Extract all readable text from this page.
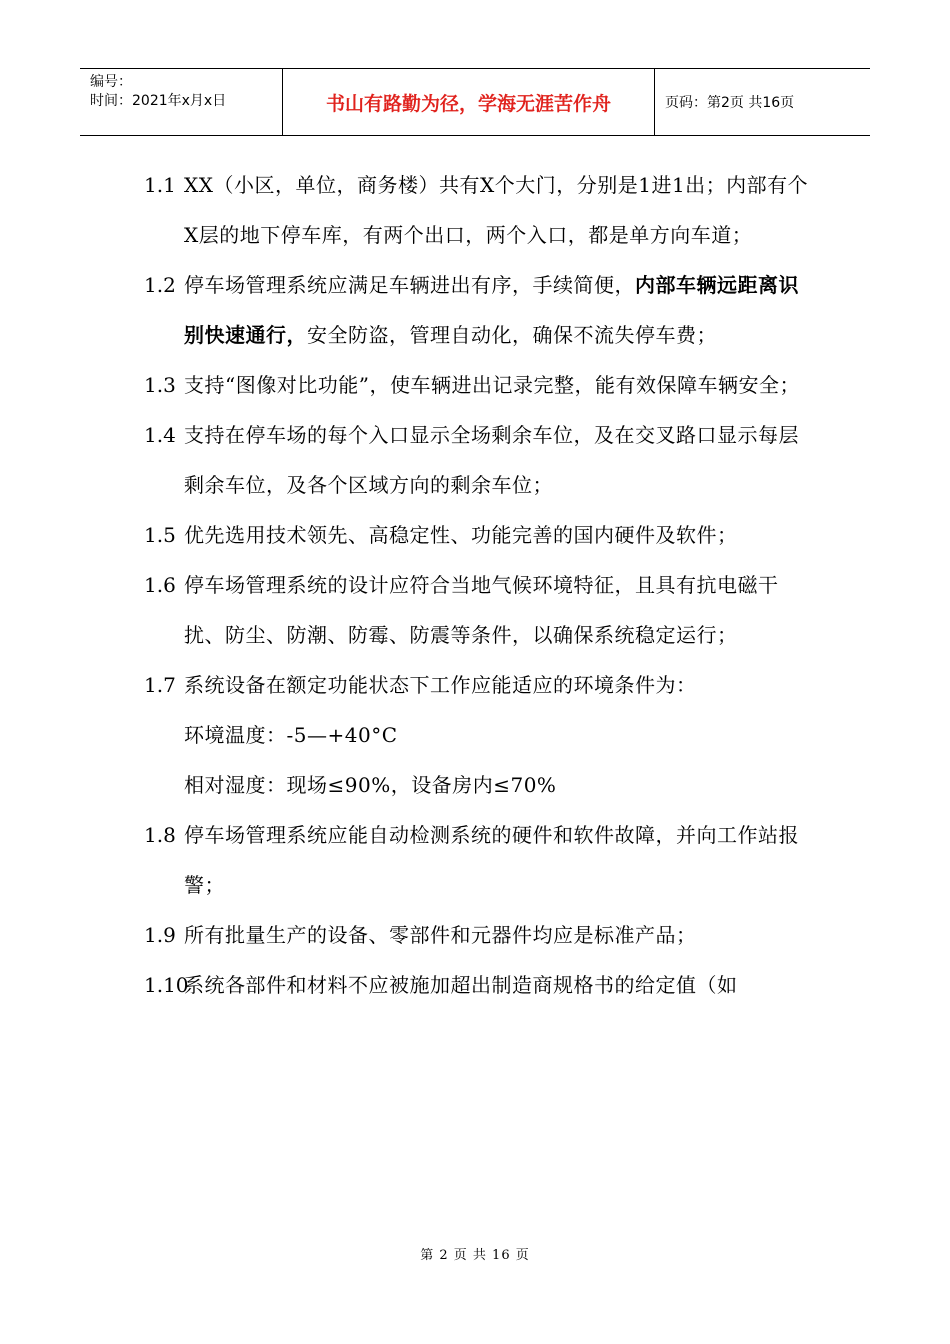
编号：
时间：2021年x月x日	书山有路勤为径，学海无涯苦作舟	页码：第2页 共16页
1.1 XX（小区，单位，商务楼）共有X个大门，分别是1进1出；内部有个X层的地下停车库，有两个出口，两个入口，都是单方向车道；
1.2 停车场管理系统应满足车辆进出有序，手续简便，内部车辆远距离识别快速通行，安全防盗，管理自动化，确保不流失停车费；
1.3 支持“图像对比功能”，使车辆进出记录完整，能有效保障车辆安全；
1.4 支持在停车场的每个入口显示全场剩余车位，及在交叉路口显示每层剩余车位，及各个区域方向的剩余车位；
1.5 优先选用技术领先、高稳定性、功能完善的国内硬件及软件；
1.6 停车场管理系统的设计应符合当地气候环境特征，且具有抗电磁干扰、防尘、防潮、防霉、防震等条件，以确保系统稳定运行；
1.7 系统设备在额定功能状态下工作应能适应的环境条件为：
环境温度：-5—+40°C
相对湿度：现场≤90%，设备房内≤70%
1.8 停车场管理系统应能自动检测系统的硬件和软件故障，并向工作站报警；
1.9 所有批量生产的设备、零部件和元器件均应是标准产品；
1.10
系统各部件和材料不应被施加超出制造商规格书的给定值（如
第 2 页 共 16 页
